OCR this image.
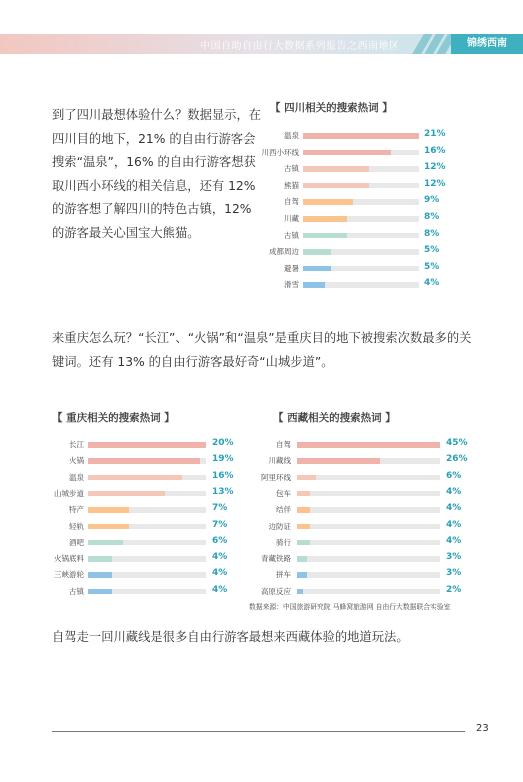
中国自助自由行大数据系列报告之西南地区	锦绣西南
到了四川最想体验什么？数据显示，在四川目的地下，21% 的自由行游客会搜索“温泉”，16% 的自由行游客想获取川西小环线的相关信息，还有 12% 的游客想了解四川的特色古镇，12% 的游客最关心国宝大熊猫。
来重庆怎么玩？“长江”、“火锅”和“温泉”是重庆目的地下被搜索次数最多的关键词。还有 13% 的自由行游客最好奇“山城步道”。
自驾走一回川藏线是很多自由行游客最想来西藏体验的地道玩法。
【 四川相关的搜索热词 】
温泉	21%
川西小环线	16%
古镇	12%
熊猫	12%
自驾	9%
川藏	8%
古镇	8%
成都周边	5%
避暑	5%
滑雪	4%
【 重庆相关的搜索热词 】
长江	20%
火锅	19%
温泉	16%
山城步道	13%
特产	7%
轻轨	7%
酒吧	6%
火锅底料	4%
三峡游轮	4%
古镇	4%
【 西藏相关的搜索热词 】
自驾	45%
川藏线	26%
阿里环线	6%
包车	4%
结伴	4%
边防证	4%
骑行	4%
青藏铁路	3%
拼车	3%
高原反应	2%
数据来源：中国旅游研究院 马蜂窝旅游网 自由行大数据联合实验室
23
